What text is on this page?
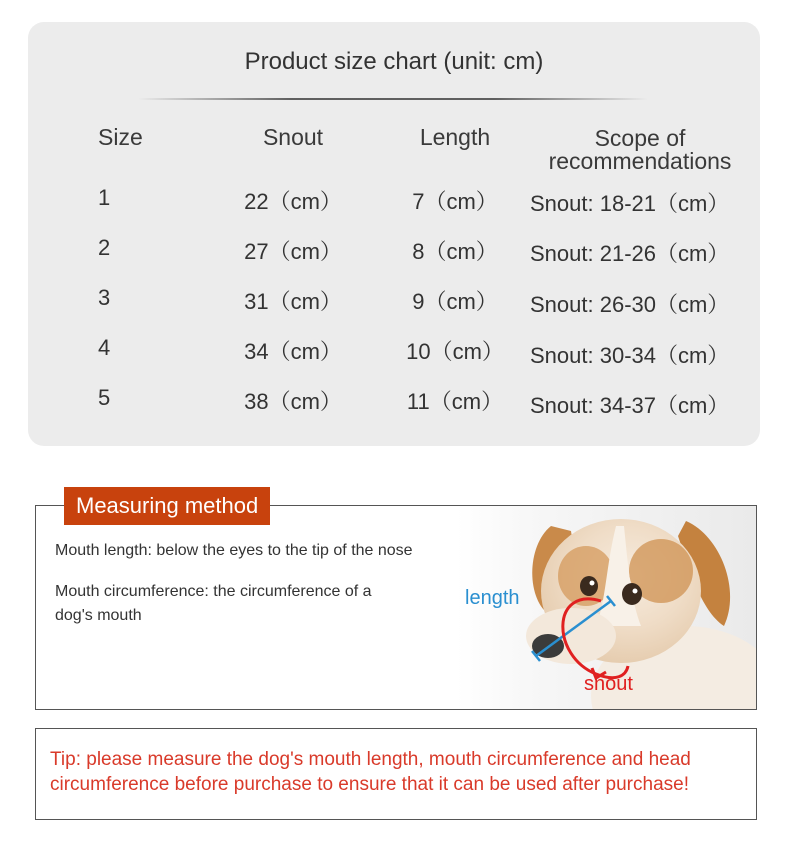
Product size chart (unit: cm)
Size	Snout	Length	Scope of
recommendations
1	22（cm）	7（cm）	Snout: 18-21（cm）
2	27（cm）	8（cm）	Snout: 21-26（cm）
3	31（cm）	9（cm）	Snout: 26-30（cm）
4	34（cm）	10（cm） Snout: 30-34（cm）
5	38（cm）	11（cm）	Snout: 34-37（cm）
Measuring method
Mouth length: below the eyes to the tip of the nose
Mouth circumference: the circumference of a
dog's mouth
length
snout
Tip: please measure the dog's mouth length, mouth circumference and head
circumference before purchase to ensure that it can be used after purchase!
